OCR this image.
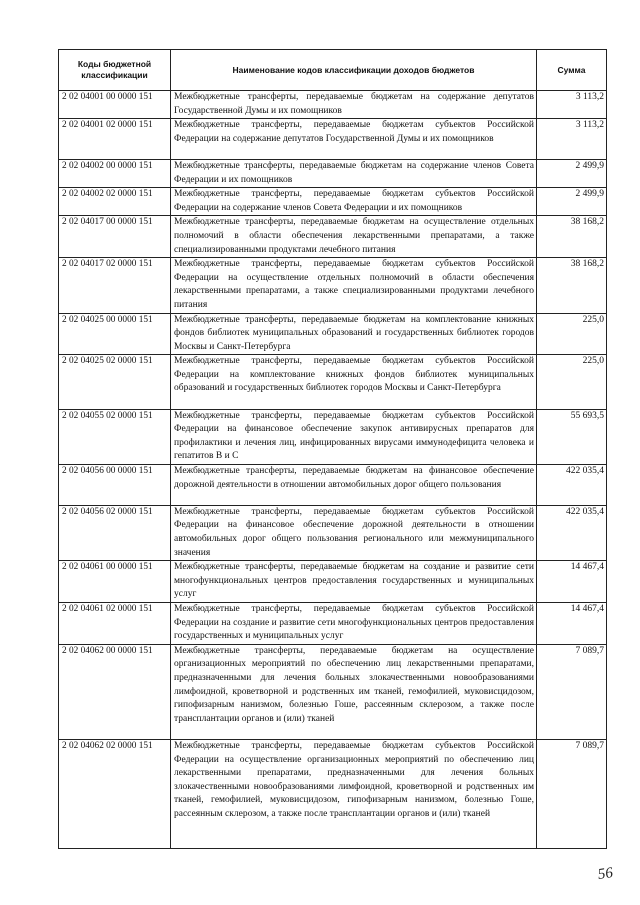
Коды бюджетной классификации	Наименование кодов классификации доходов бюджетов	Сумма
2 02 04001 00 0000 151	Межбюджетные трансферты, передаваемые бюджетам на содержание депутатов Государственной Думы и их помощников	3 113,2
2 02 04001 02 0000 151	Межбюджетные трансферты, передаваемые бюджетам субъектов Российской Федерации на содержание депутатов Государственной Думы и их помощников	3 113,2
2 02 04002 00 0000 151	Межбюджетные трансферты, передаваемые бюджетам на содержание членов Совета Федерации и их помощников	2 499,9
2 02 04002 02 0000 151	Межбюджетные трансферты, передаваемые бюджетам субъектов Российской Федерации на содержание членов Совета Федерации и их помощников	2 499,9
2 02 04017 00 0000 151	Межбюджетные трансферты, передаваемые бюджетам на осуществление отдельных полномочий в области обеспечения лекарственными препаратами, а также специализированными продуктами лечебного питания	38 168,2
2 02 04017 02 0000 151	Межбюджетные трансферты, передаваемые бюджетам субъектов Российской Федерации на осуществление отдельных полномочий в области обеспечения лекарственными препаратами, а также специализированными продуктами лечебного питания	38 168,2
2 02 04025 00 0000 151	Межбюджетные трансферты, передаваемые бюджетам на комплектование книжных фондов библиотек муниципальных образований и государственных библиотек городов Москвы и Санкт-Петербурга	225,0
2 02 04025 02 0000 151	Межбюджетные трансферты, передаваемые бюджетам субъектов Российской Федерации на комплектование книжных фондов библиотек муниципальных образований и государственных библиотек городов Москвы и Санкт-Петербурга	225,0
2 02 04055 02 0000 151	Межбюджетные трансферты, передаваемые бюджетам субъектов Российской Федерации на финансовое обеспечение закупок антивирусных препаратов для профилактики и лечения лиц, инфицированных вирусами иммунодефицита человека и гепатитов В и С	55 693,5
2 02 04056 00 0000 151	Межбюджетные трансферты, передаваемые бюджетам на финансовое обеспечение дорожной деятельности в отношении автомобильных дорог общего пользования	422 035,4
2 02 04056 02 0000 151	Межбюджетные трансферты, передаваемые бюджетам субъектов Российской Федерации на финансовое обеспечение дорожной деятельности в отношении автомобильных дорог общего пользования регионального или межмуниципального значения	422 035,4
2 02 04061 00 0000 151	Межбюджетные трансферты, передаваемые бюджетам на создание и развитие сети многофункциональных центров предоставления государственных и муниципальных услуг	14 467,4
2 02 04061 02 0000 151	Межбюджетные трансферты, передаваемые бюджетам субъектов Российской Федерации на создание и развитие сети многофункциональных центров предоставления государственных и муниципальных услуг	14 467,4
2 02 04062 00 0000 151	Межбюджетные трансферты, передаваемые бюджетам на осуществление организационных мероприятий по обеспечению лиц лекарственными препаратами, предназначенными для лечения больных злокачественными новообразованиями лимфоидной, кроветворной и родственных им тканей, гемофилией, муковисцидозом, гипофизарным нанизмом, болезнью Гоше, рассеянным склерозом, а также после трансплантации органов и (или) тканей	7 089,7
2 02 04062 02 0000 151	Межбюджетные трансферты, передаваемые бюджетам субъектов Российской Федерации на осуществление организационных мероприятий по обеспечению лиц лекарственными препаратами, предназначенными для лечения больных злокачественными новообразованиями лимфоидной, кроветворной и родственных им тканей, гемофилией, муковисцидозом, гипофизарным нанизмом, болезнью Гоше, рассеянным склерозом, а также после трансплантации органов и (или) тканей	7 089,7
56
